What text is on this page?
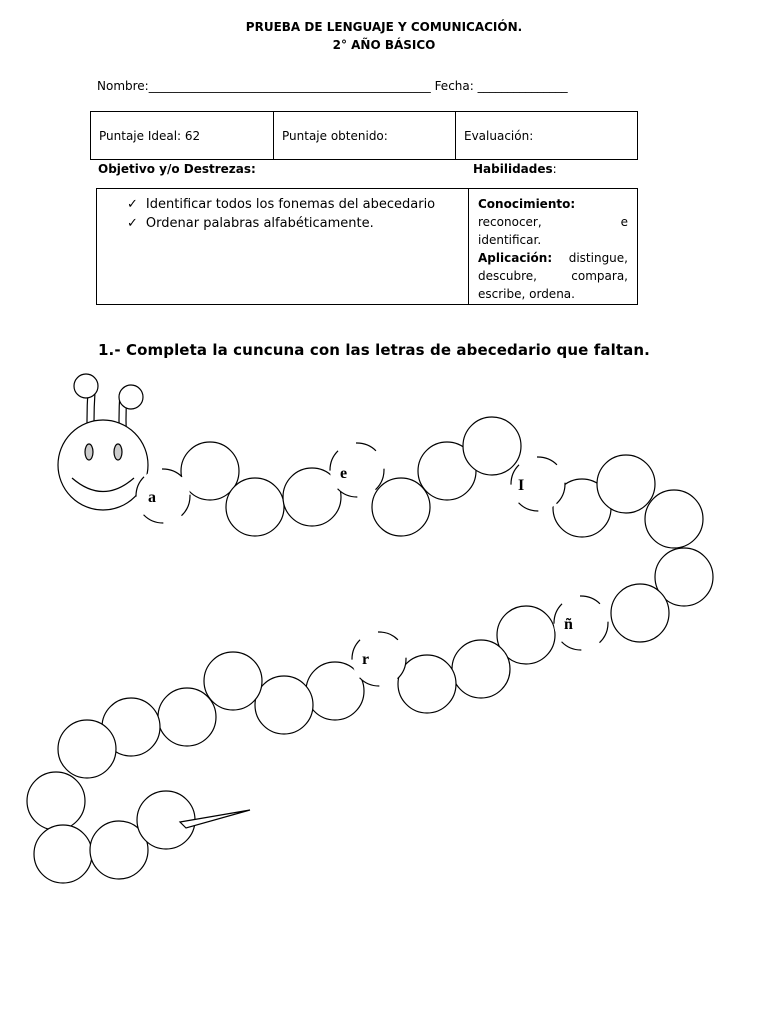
PRUEBA DE LENGUAJE Y COMUNICACIÓN.
2° AÑO BÁSICO
Nombre:_______________________________________________ Fecha: _______________
Puntaje Ideal: 62	Puntaje obtenido:	Evaluación:
Objetivo y/o Destrezas:	Habilidades:
✓ Identificar todos los fonemas del abecedario
✓ Ordenar palabras alfabéticamente.
Conocimiento:
reconocer,	e
identificar.
Aplicación: distingue,
descubre,	compara,
escribe, ordena.
1.- Completa la cuncuna con las letras de abecedario que faltan.
a
e
I
ñ
r
